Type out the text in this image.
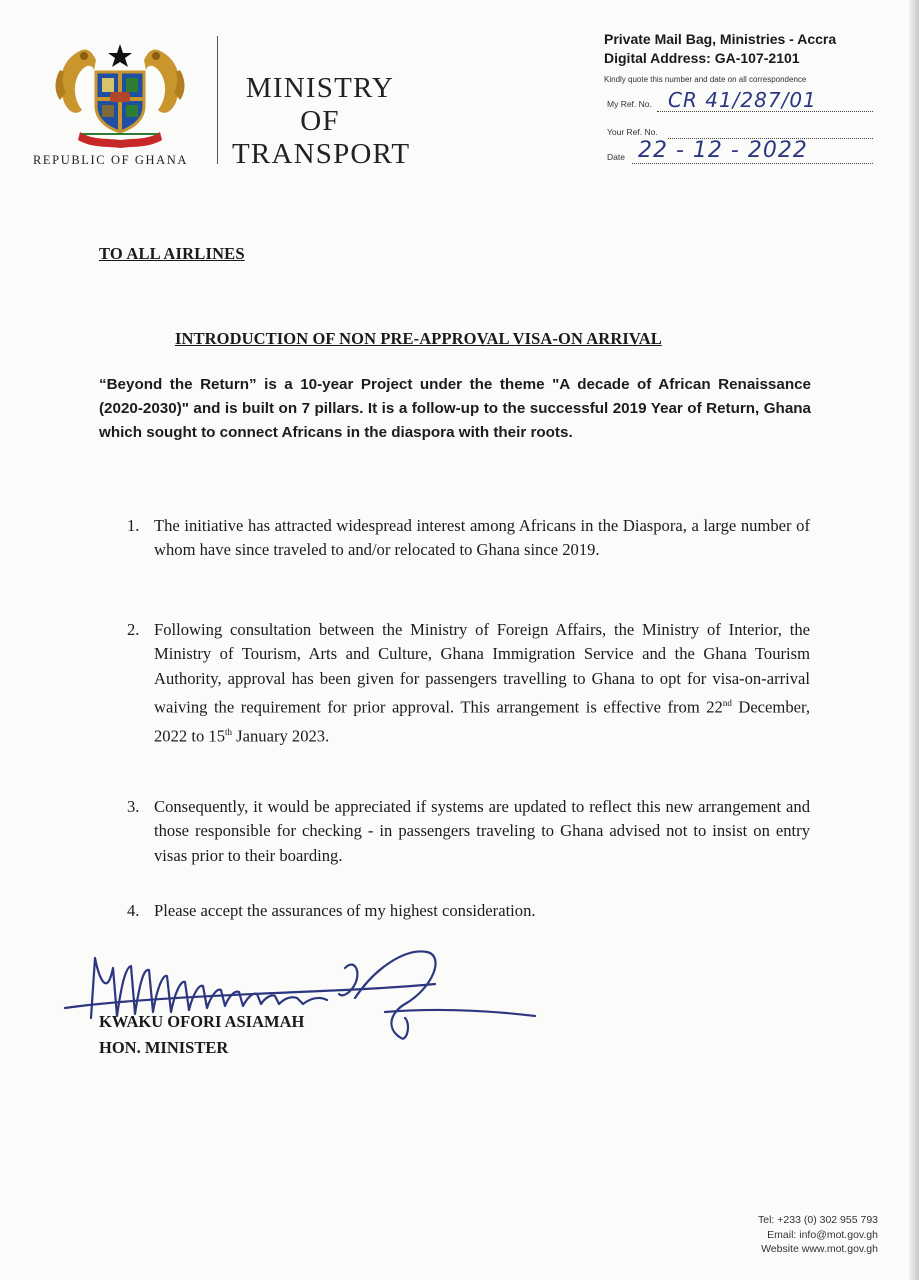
REPUBLIC OF GHANA
MINISTRY
OF
TRANSPORT
Private Mail Bag, Ministries - Accra
Digital Address: GA-107-2101
Kindly quote this number and date on all correspondence
My Ref. No. CR 41/287/01
Your Ref. No.
Date 22 - 12 - 2022
TO ALL AIRLINES
INTRODUCTION OF NON PRE-APPROVAL VISA-ON ARRIVAL
“Beyond the Return” is a 10-year Project under the theme "A decade of African Renaissance (2020-2030)" and is built on 7 pillars. It is a follow-up to the successful 2019 Year of Return, Ghana which sought to connect Africans in the diaspora with their roots.
1. The initiative has attracted widespread interest among Africans in the Diaspora, a large number of whom have since traveled to and/or relocated to Ghana since 2019.
2. Following consultation between the Ministry of Foreign Affairs, the Ministry of Interior, the Ministry of Tourism, Arts and Culture, Ghana Immigration Service and the Ghana Tourism Authority, approval has been given for passengers travelling to Ghana to opt for visa-on-arrival waiving the requirement for prior approval. This arrangement is effective from 22nd December, 2022 to 15th January 2023.
3. Consequently, it would be appreciated if systems are updated to reflect this new arrangement and those responsible for checking - in passengers traveling to Ghana advised not to insist on entry visas prior to their boarding.
4. Please accept the assurances of my highest consideration.
KWAKU OFORI ASIAMAH
HON. MINISTER
Tel: +233 (0) 302 955 793
Email: info@mot.gov.gh
Website www.mot.gov.gh
